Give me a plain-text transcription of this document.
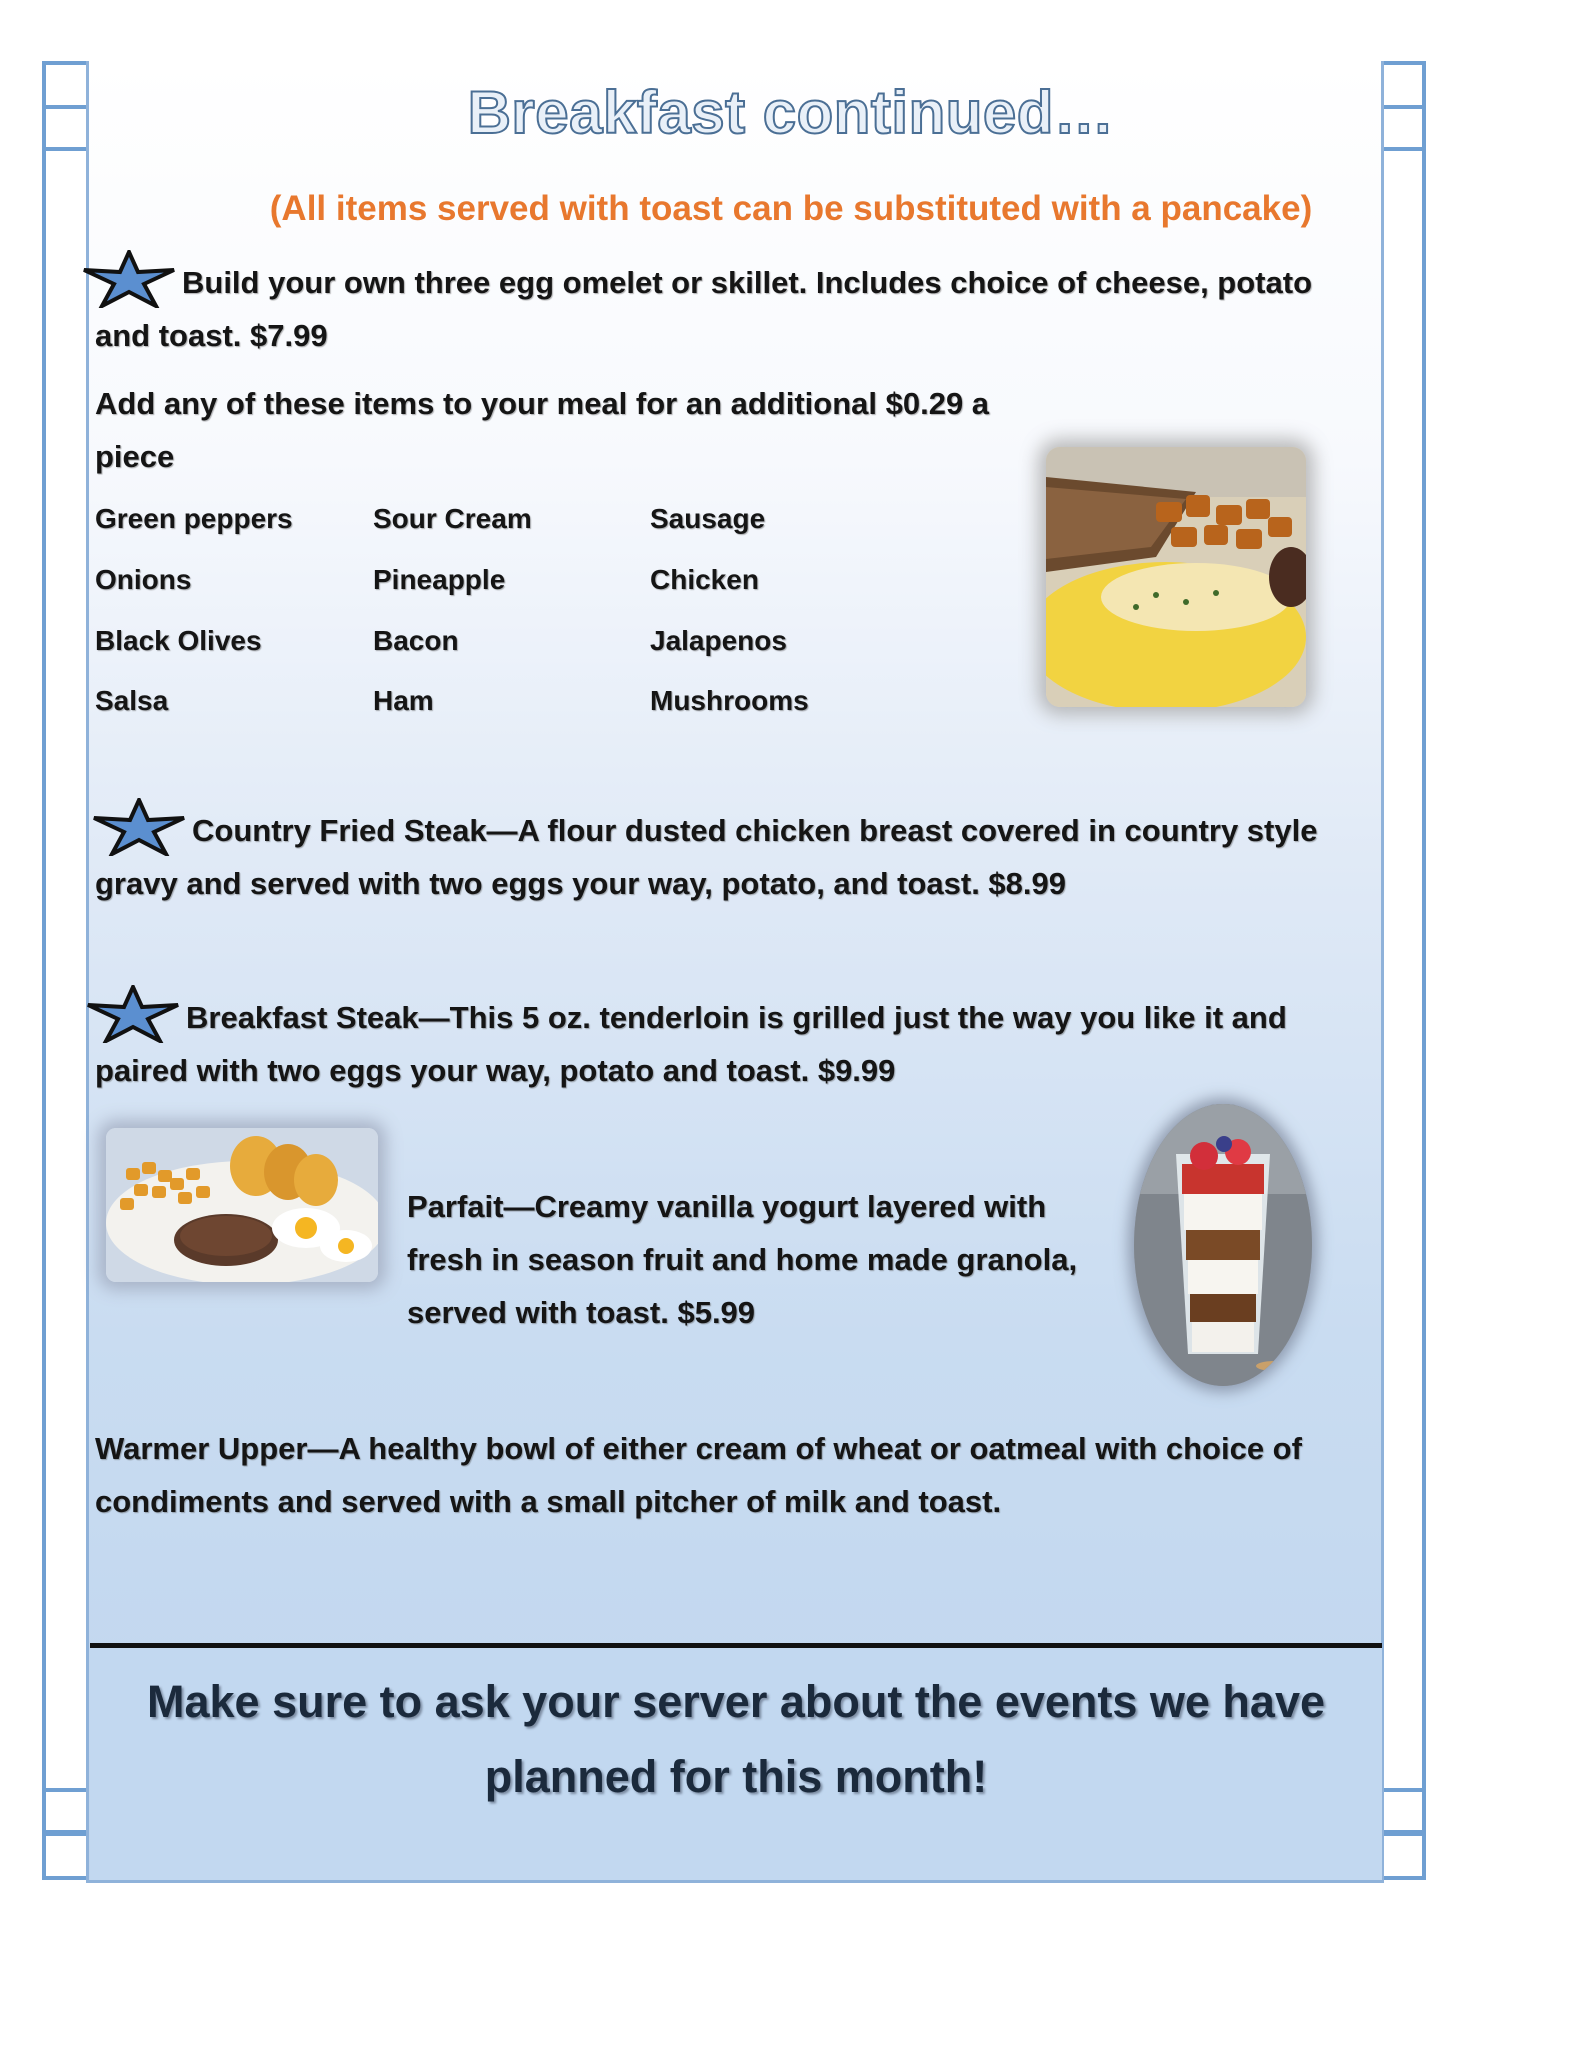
Breakfast continued…
(All items served with toast can be substituted with a pancake)
Build your own three egg omelet or skillet. Includes choice of cheese, potato
and toast. $7.99
Add any of these items to your meal for an additional $0.29 a
piece
Green peppers
Onions
Black Olives
Salsa
Sour Cream
Pineapple
Bacon
Ham
Sausage
Chicken
Jalapenos
Mushrooms
Country Fried Steak—A flour dusted chicken breast covered in country style
gravy and served with two eggs your way, potato, and toast. $8.99
Breakfast Steak—This 5 oz. tenderloin is grilled just the way you like it and
paired with two eggs your way, potato and toast. $9.99
Parfait—Creamy vanilla yogurt layered with
fresh in season fruit and home made granola,
served with toast. $5.99
Warmer Upper—A healthy bowl of either cream of wheat or oatmeal with choice of
condiments and served with a small pitcher of milk and toast.
Make sure to ask your server about the events we have
planned for this month!
